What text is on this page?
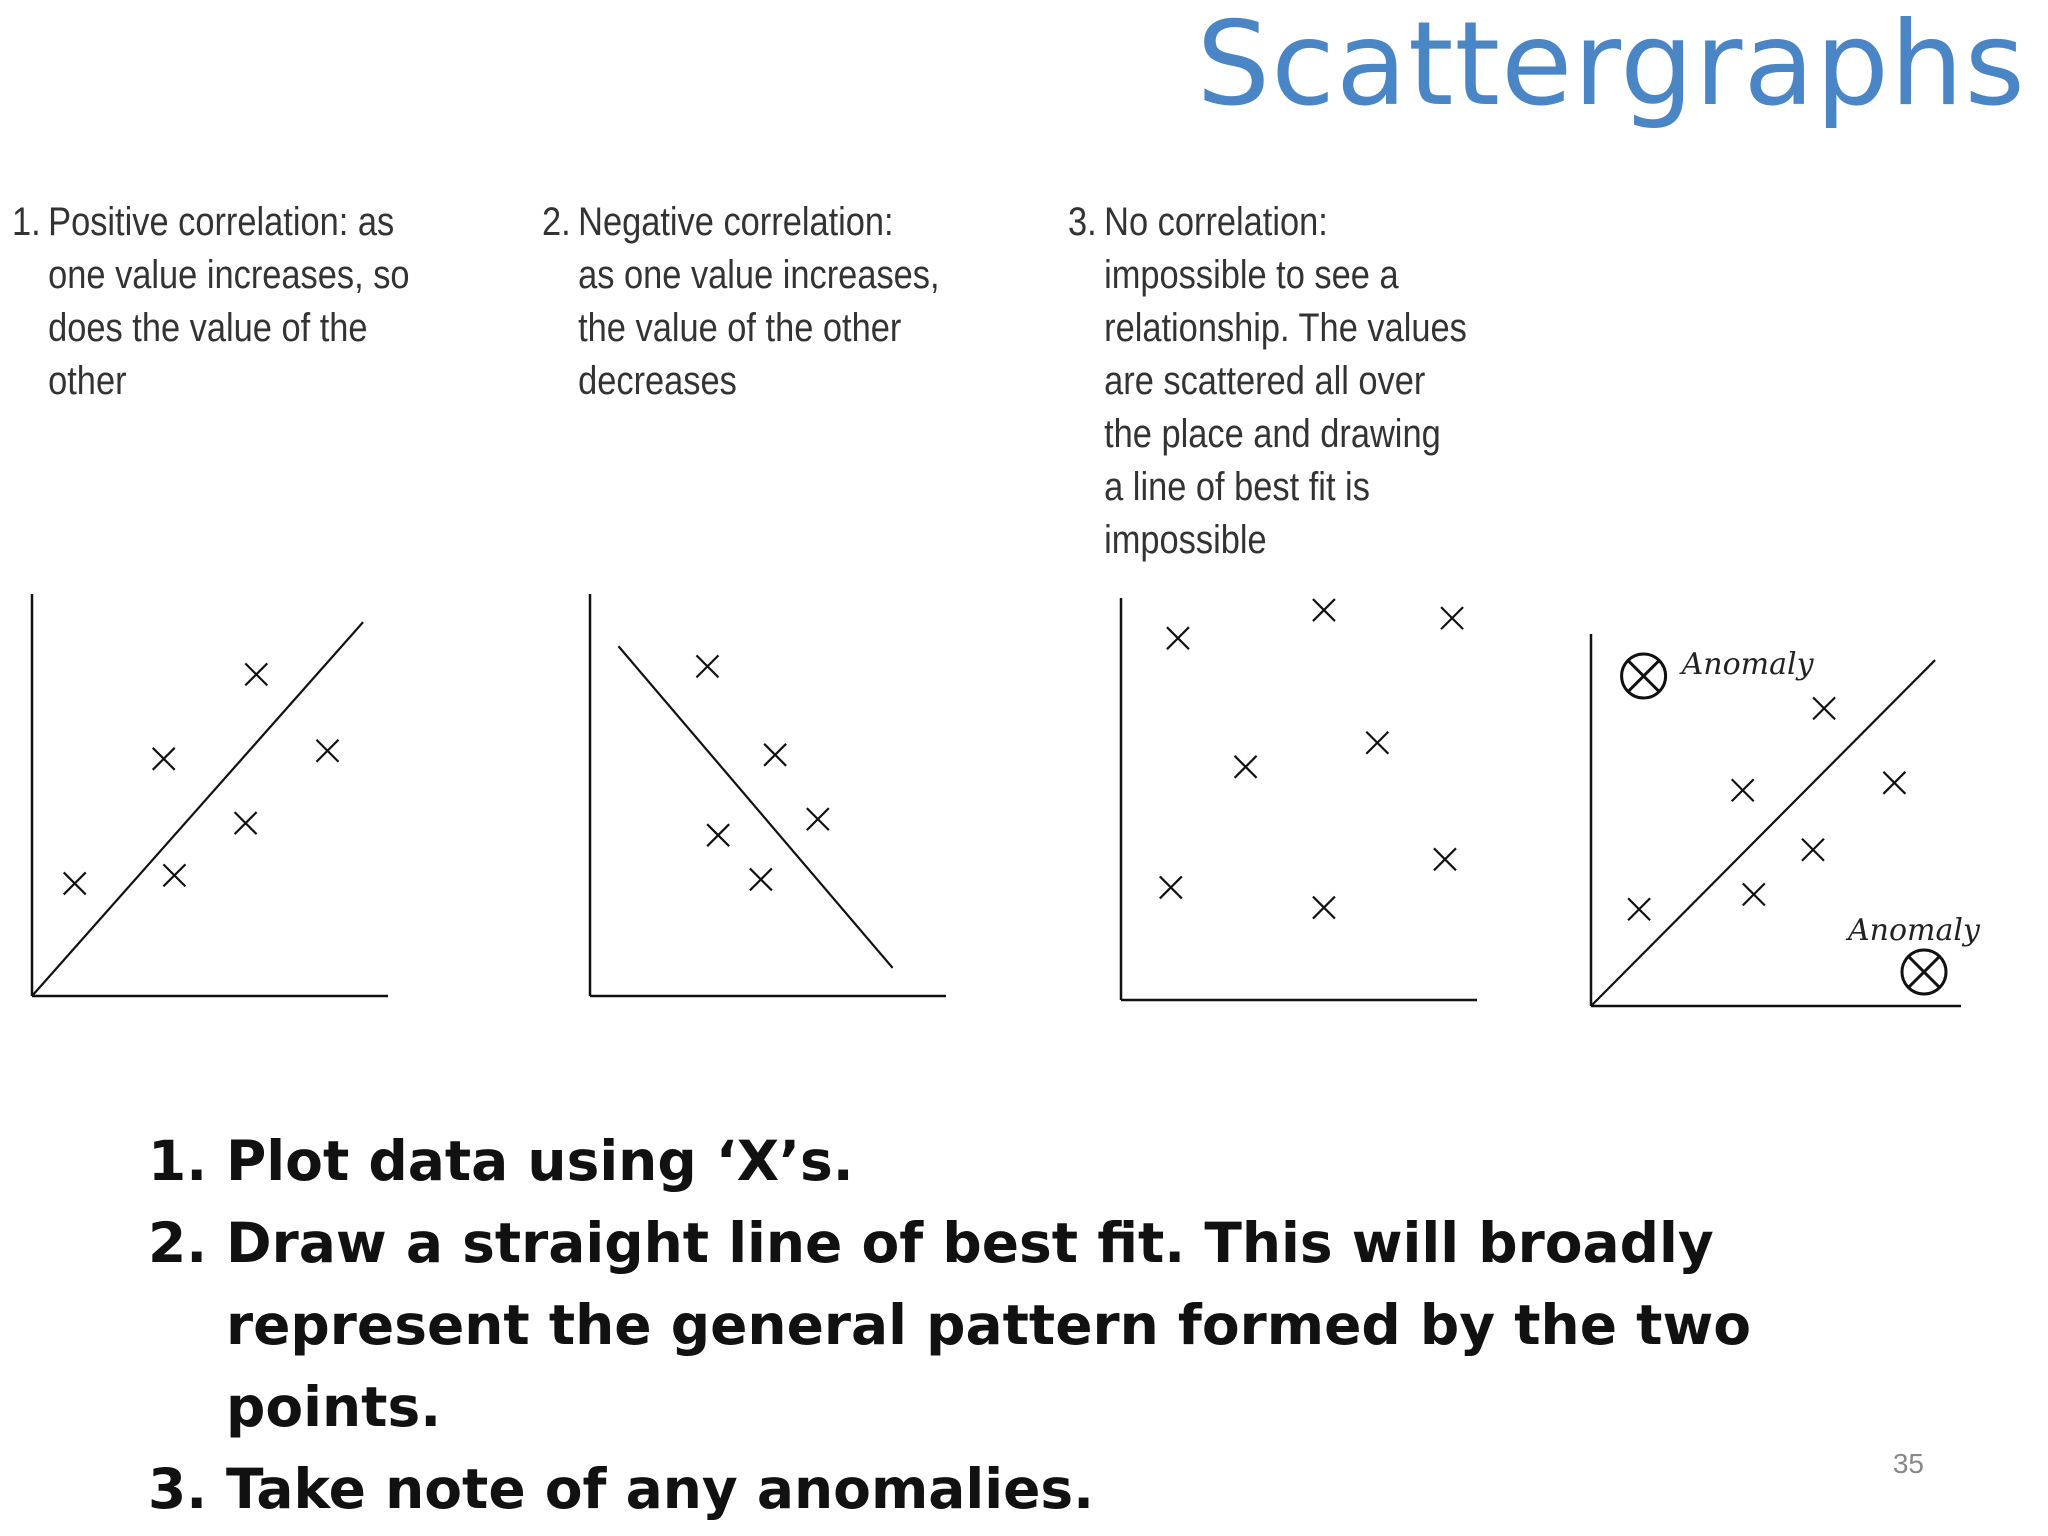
Scattergraphs
1. Positive correlation: as
one value increases, so
does the value of the
other
2. Negative correlation:
as one value increases,
the value of the other
decreases
3. No correlation:
impossible to see a
relationship. The values
are scattered all over
the place and drawing
a line of best fit is
impossible
Anomaly
Anomaly
1. Plot data using ‘X’s.
2. Draw a straight line of best fit. This will broadly represent the general pattern formed by the two points.
3. Take note of any anomalies.	35
